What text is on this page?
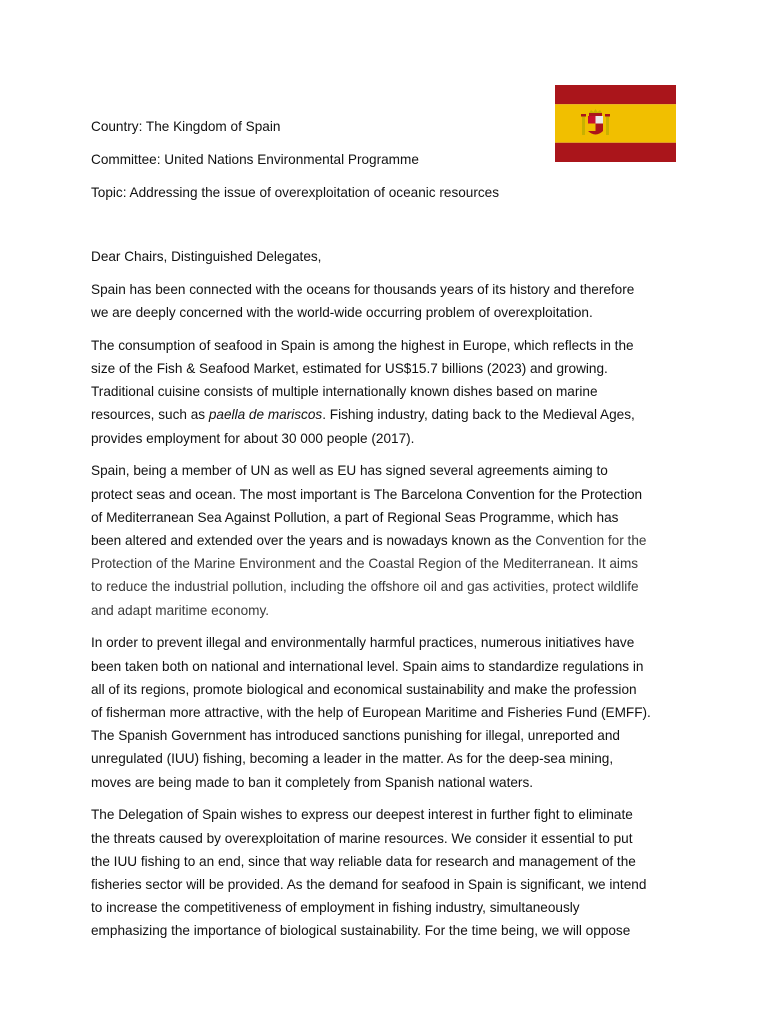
Country: The Kingdom of Spain

Committee: United Nations Environmental Programme

Topic: Addressing the issue of overexploitation of oceanic resources

Dear Chairs, Distinguished Delegates,

Spain has been connected with the oceans for thousands years of its history and therefore
we are deeply concerned with the world-wide occurring problem of overexploitation.

The consumption of seafood in Spain is among the highest in Europe, which reflects in the
size of the Fish & Seafood Market, estimated for US$15.7 billions (2023) and growing.
Traditional cuisine consists of multiple internationally known dishes based on marine
resources, such as paella de mariscos. Fishing industry, dating back to the Medieval Ages,
provides employment for about 30 000 people (2017).

Spain, being a member of UN as well as EU has signed several agreements aiming to
protect seas and ocean. The most important is The Barcelona Convention for the Protection
of Mediterranean Sea Against Pollution, a part of Regional Seas Programme, which has
been altered and extended over the years and is nowadays known as the Convention for the
Protection of the Marine Environment and the Coastal Region of the Mediterranean. It aims
to reduce the industrial pollution, including the offshore oil and gas activities, protect wildlife
and adapt maritime economy.

In order to prevent illegal and environmentally harmful practices, numerous initiatives have
been taken both on national and international level. Spain aims to standardize regulations in
all of its regions, promote biological and economical sustainability and make the profession
of fisherman more attractive, with the help of European Maritime and Fisheries Fund (EMFF).
The Spanish Government has introduced sanctions punishing for illegal, unreported and
unregulated (IUU) fishing, becoming a leader in the matter. As for the deep-sea mining,
moves are being made to ban it completely from Spanish national waters.

The Delegation of Spain wishes to express our deepest interest in further fight to eliminate
the threats caused by overexploitation of marine resources. We consider it essential to put
the IUU fishing to an end, since that way reliable data for research and management of the
fisheries sector will be provided. As the demand for seafood in Spain is significant, we intend
to increase the competitiveness of employment in fishing industry, simultaneously
emphasizing the importance of biological sustainability. For the time being, we will oppose
